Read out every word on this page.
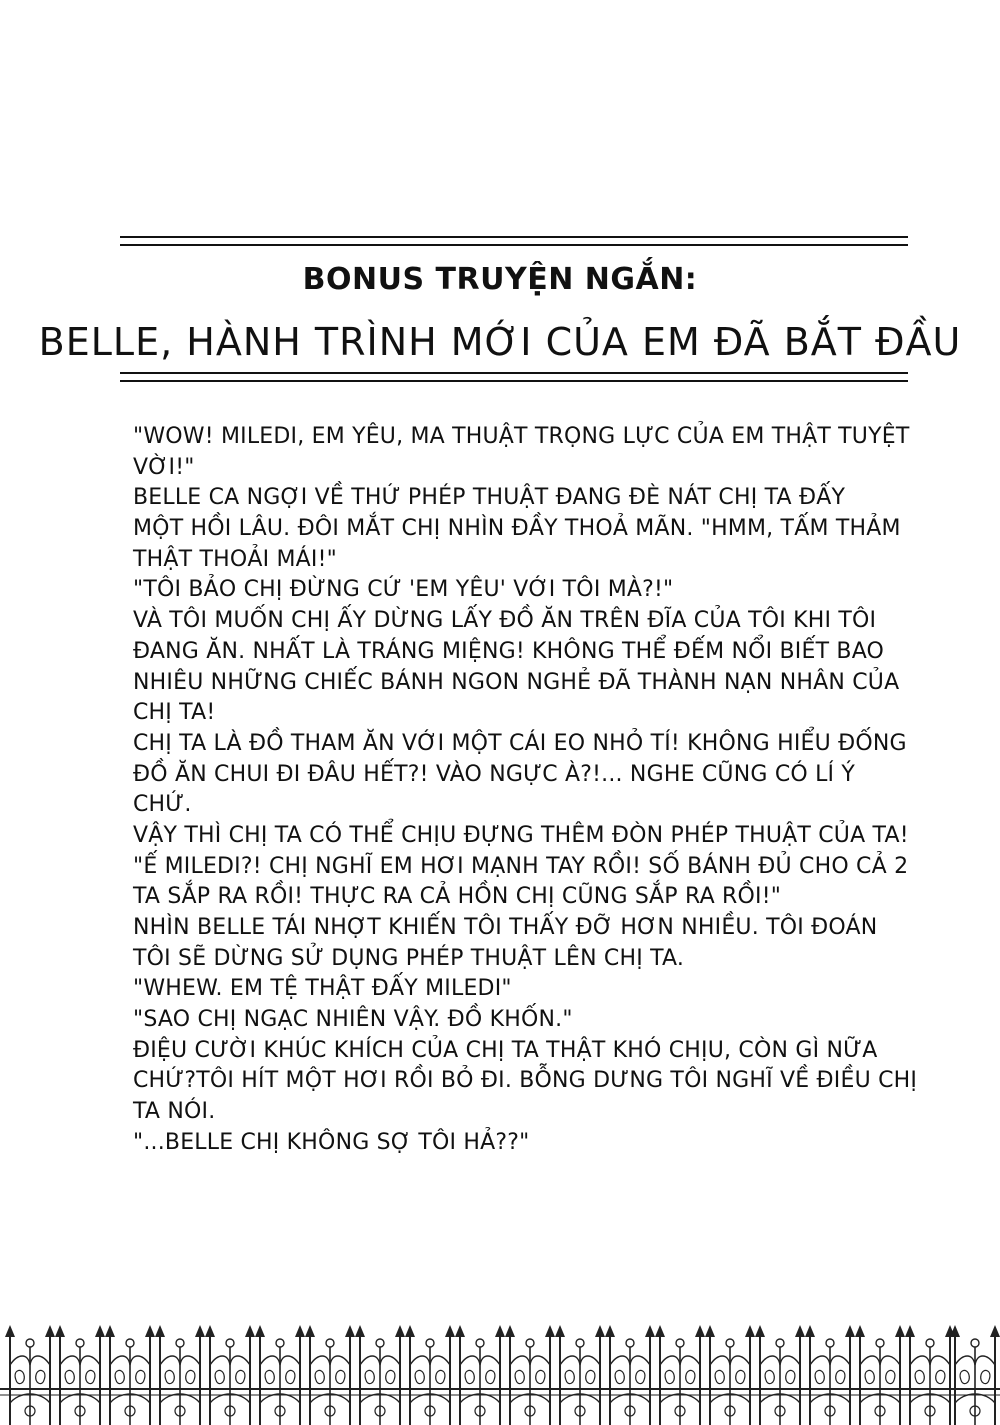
BONUS TRUYỆN NGẮN:
BELLE, HÀNH TRÌNH MỚI CỦA EM ĐÃ BẮT ĐẦU
"WOW! MILEDI, EM YÊU, MA THUẬT TRỌNG LỰC CỦA EM THẬT TUYỆT
VỜI!"
BELLE CA NGỢI VỀ THỨ PHÉP THUẬT ĐANG ĐÈ NÁT CHỊ TA ĐẤY
MỘT HỒI LÂU. ĐÔI MẮT CHỊ NHÌN ĐẦY THOẢ MÃN. "HMM, TẤM THẢM
THẬT THOẢI MÁI!"
"TÔI BẢO CHỊ ĐỪNG CỨ 'EM YÊU' VỚI TÔI MÀ?!"
VÀ TÔI MUỐN CHỊ ẤY DỪNG LẤY ĐỒ ĂN TRÊN ĐĨA CỦA TÔI KHI TÔI
ĐANG ĂN. NHẤT LÀ TRÁNG MIỆNG! KHÔNG THỂ ĐẾM NỔI BIẾT BAO
NHIÊU NHỮNG CHIẾC BÁNH NGON NGHẺ ĐÃ THÀNH NẠN NHÂN CỦA
CHỊ TA!
CHỊ TA LÀ ĐỒ THAM ĂN VỚI MỘT CÁI EO NHỎ TÍ! KHÔNG HIỂU ĐỐNG
ĐỒ ĂN CHUI ĐI ĐÂU HẾT?! VÀO NGỰC À?!... NGHE CŨNG CÓ LÍ Ý
CHỨ.
VẬY THÌ CHỊ TA CÓ THỂ CHỊU ĐỰNG THÊM ĐÒN PHÉP THUẬT CỦA TA!
"Ế MILEDI?! CHỊ NGHĨ EM HƠI MẠNH TAY RỒI! SỐ BÁNH ĐỦ CHO CẢ 2
TA SẮP RA RỒI! THỰC RA CẢ HỒN CHỊ CŨNG SẮP RA RỒI!"
NHÌN BELLE TÁI NHỢT KHIẾN TÔI THẤY ĐỠ HƠN NHIỀU. TÔI ĐOÁN
TÔI SẼ DỪNG SỬ DỤNG PHÉP THUẬT LÊN CHỊ TA.
"WHEW. EM TỆ THẬT ĐẤY MILEDI"
"SAO CHỊ NGẠC NHIÊN VẬY. ĐỒ KHỐN."
ĐIỆU CƯỜI KHÚC KHÍCH CỦA CHỊ TA THẬT KHÓ CHỊU, CÒN GÌ NỮA
CHỨ?TÔI HÍT MỘT HƠI RỒI BỎ ĐI. BỖNG DƯNG TÔI NGHĨ VỀ ĐIỀU CHỊ
TA NÓI.
"...BELLE CHỊ KHÔNG SỢ TÔI HẢ??"
